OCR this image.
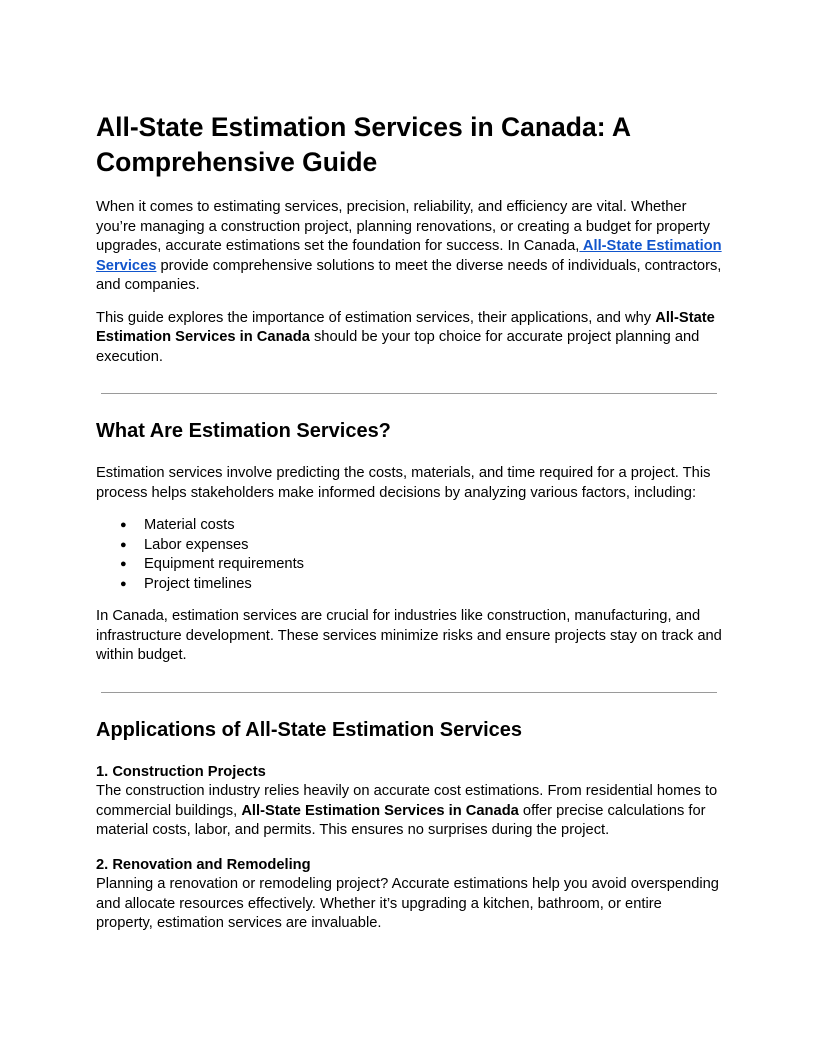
All-State Estimation Services in Canada: A Comprehensive Guide

When it comes to estimating services, precision, reliability, and efficiency are vital. Whether you’re managing a construction project, planning renovations, or creating a budget for property upgrades, accurate estimations set the foundation for success. In Canada, All-State Estimation Services provide comprehensive solutions to meet the diverse needs of individuals, contractors, and companies.

This guide explores the importance of estimation services, their applications, and why All-State Estimation Services in Canada should be your top choice for accurate project planning and execution.

What Are Estimation Services?

Estimation services involve predicting the costs, materials, and time required for a project. This process helps stakeholders make informed decisions by analyzing various factors, including:

● Material costs
● Labor expenses
● Equipment requirements
● Project timelines

In Canada, estimation services are crucial for industries like construction, manufacturing, and infrastructure development. These services minimize risks and ensure projects stay on track and within budget.

Applications of All-State Estimation Services

1. Construction Projects
The construction industry relies heavily on accurate cost estimations. From residential homes to commercial buildings, All-State Estimation Services in Canada offer precise calculations for material costs, labor, and permits. This ensures no surprises during the project.

2. Renovation and Remodeling
Planning a renovation or remodeling project? Accurate estimations help you avoid overspending and allocate resources effectively. Whether it’s upgrading a kitchen, bathroom, or entire property, estimation services are invaluable.
